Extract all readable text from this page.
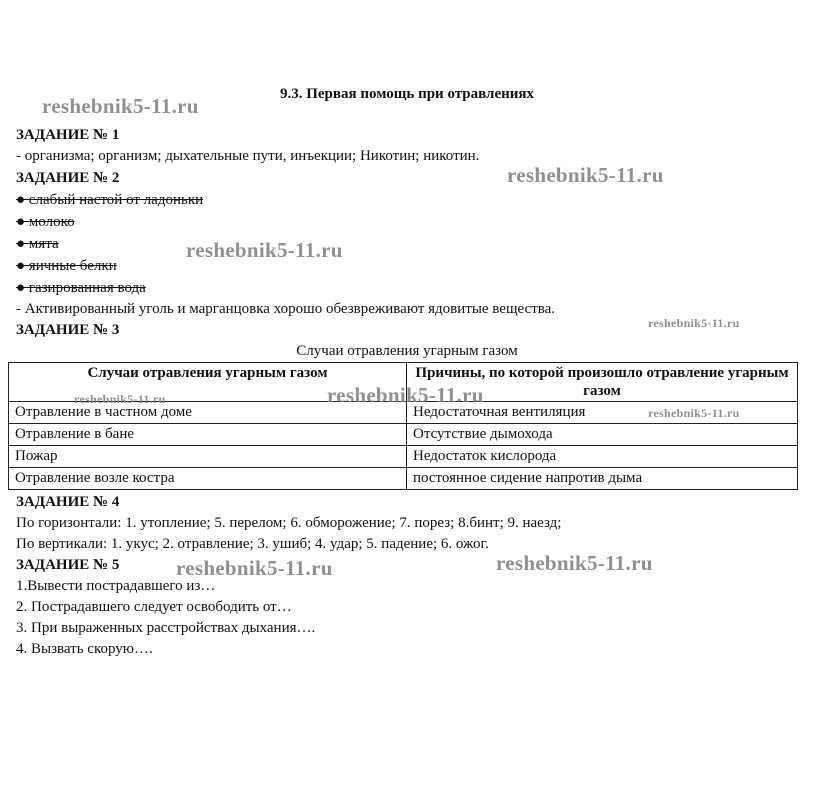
9.3. Первая помощь при отравлениях
ЗАДАНИЕ № 1
- организма; организм; дыхательные пути, инъекции; Никотин; никотин.
ЗАДАНИЕ № 2
● слабый настой от ладоньки
● молоко
● мята
● яичные белки
● газированная вода
- Активированный уголь и марганцовка хорошо обезвреживают ядовитые вещества.
ЗАДАНИЕ № 3
Случаи отравления угарным газом
Случаи отравления угарным газом	Причины, по которой произошло отравление угарным газом
Отравление в частном доме	Недостаточная вентиляция
Отравление в бане	Отсутствие дымохода
Пожар	Недостаток кислорода
Отравление возле костра	постоянное сидение напротив дыма
ЗАДАНИЕ № 4
По горизонтали: 1. утопление; 5. перелом; 6. обморожение; 7. порез; 8.бинт; 9. наезд;
По вертикали: 1. укус; 2. отравление; 3. ушиб; 4. удар; 5. падение; 6. ожог.
ЗАДАНИЕ № 5
1.Вывести пострадавшего из…
2. Пострадавшего следует освободить от…
3. При выраженных расстройствах дыхания….
4. Вызвать скорую….
reshebnik5-11.ru
reshebnik5-11.ru
reshebnik5-11.ru
reshebnik5-11.ru
reshebnik5-11.ru	reshebnik5-11.ru
reshebnik5-11.ru
reshebnik5-11.ru	reshebnik5-11.ru
